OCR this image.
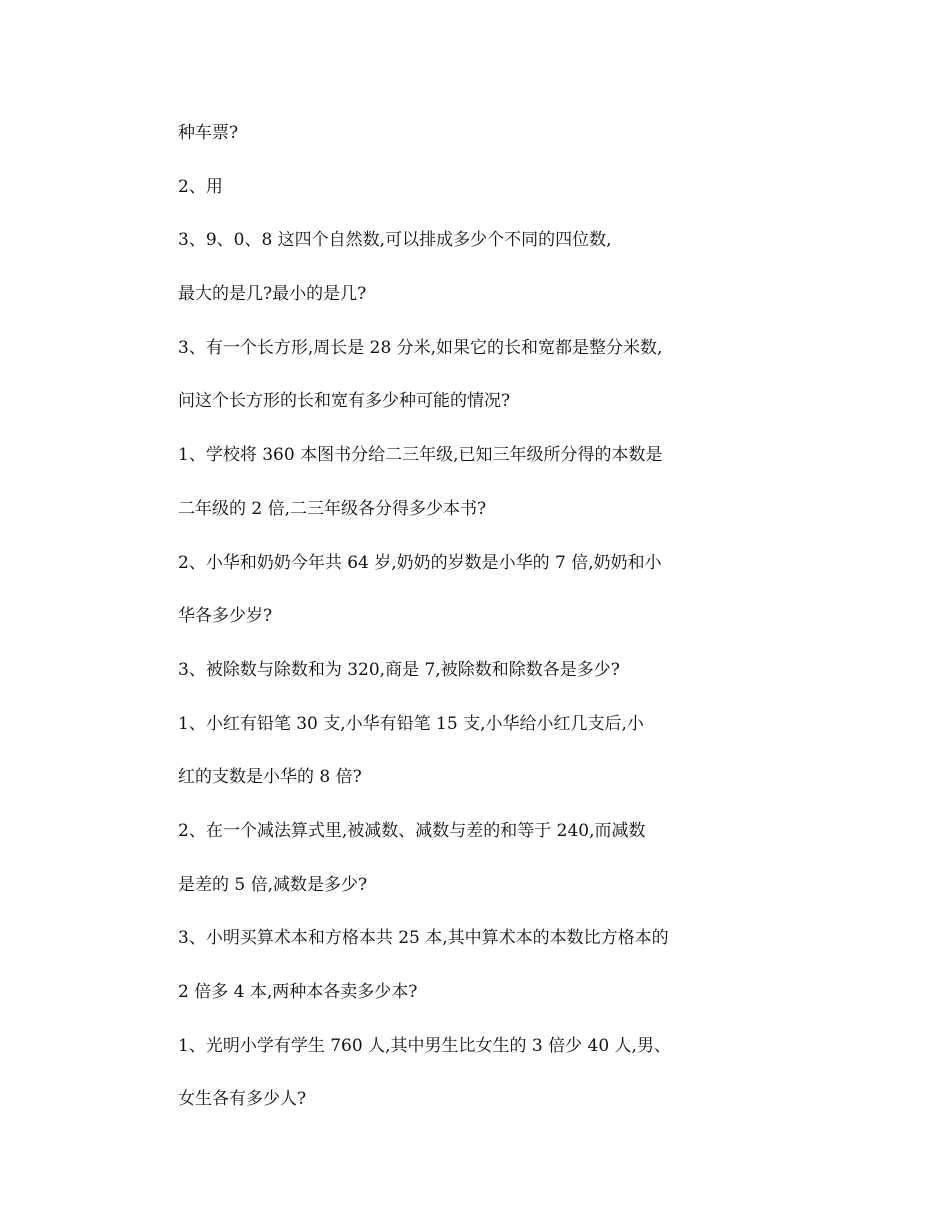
种车票?
2、用
3、9、0、8 这四个自然数,可以排成多少个不同的四位数,
最大的是几?最小的是几?
3、有一个长方形,周长是 28 分米,如果它的长和宽都是整分米数,
问这个长方形的长和宽有多少种可能的情况?
1、学校将 360 本图书分给二三年级,已知三年级所分得的本数是
二年级的 2 倍,二三年级各分得多少本书?
2、小华和奶奶今年共 64 岁,奶奶的岁数是小华的 7 倍,奶奶和小
华各多少岁?
3、被除数与除数和为 320,商是 7,被除数和除数各是多少?
1、小红有铅笔 30 支,小华有铅笔 15 支,小华给小红几支后,小
红的支数是小华的 8 倍?
2、在一个减法算式里,被减数、减数与差的和等于 240,而减数
是差的 5 倍,减数是多少?
3、小明买算术本和方格本共 25 本,其中算术本的本数比方格本的
2 倍多 4 本,两种本各卖多少本?
1、光明小学有学生 760 人,其中男生比女生的 3 倍少 40 人,男、
女生各有多少人?
